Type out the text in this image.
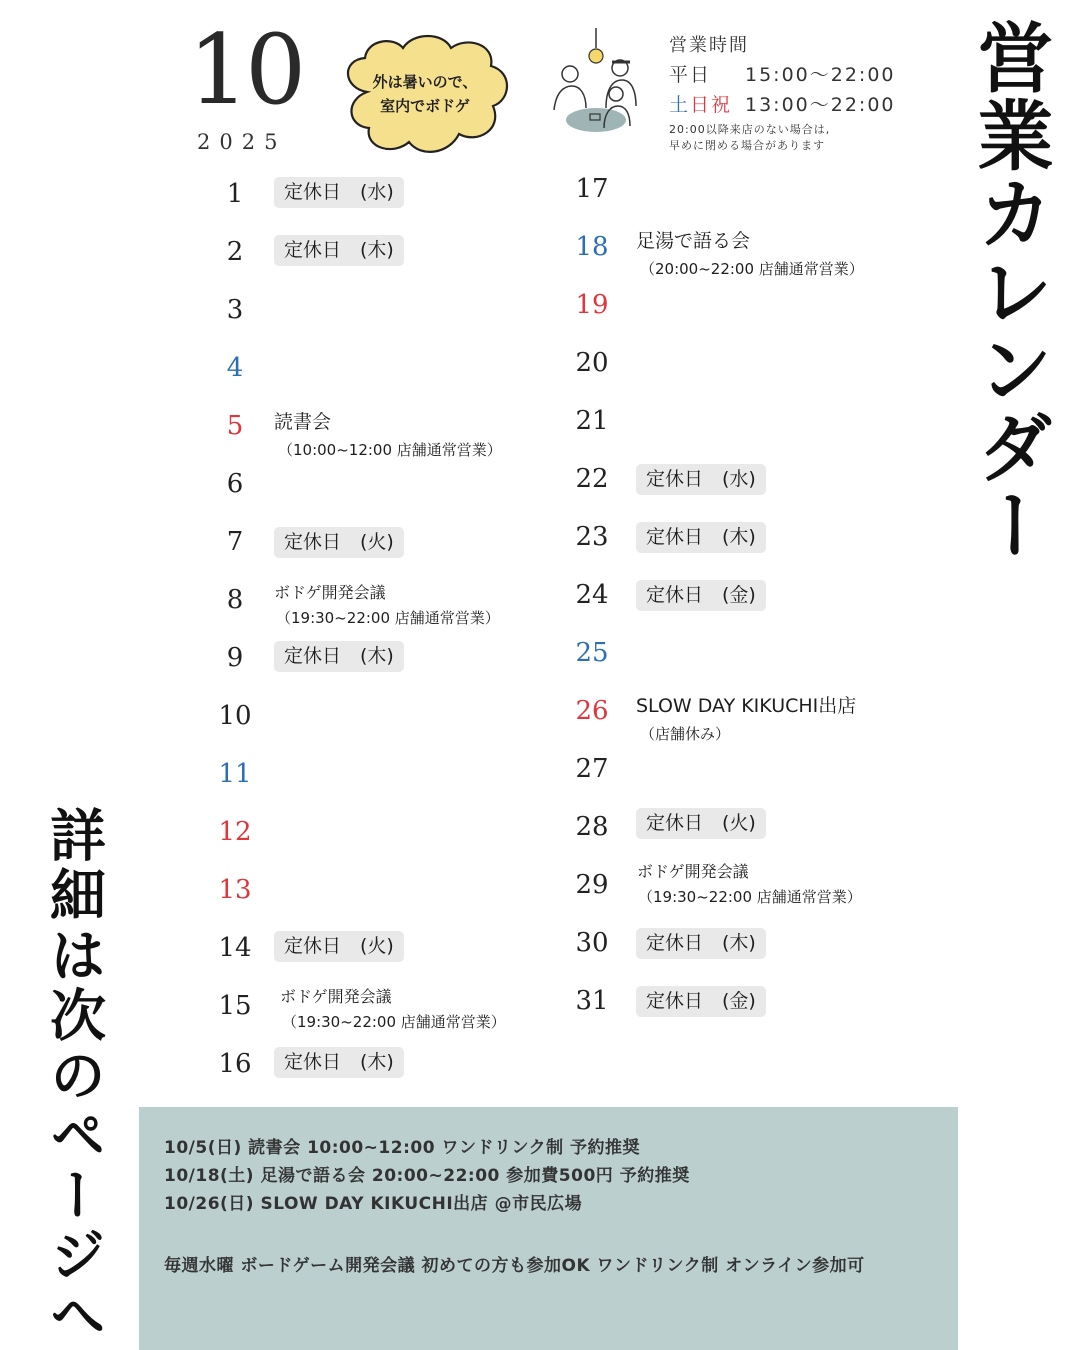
10
2025
外は暑いので、
室内でボドゲ
営業時間
平日 15:00〜22:00
土日祝 13:00〜22:00
20:00以降来店のない場合は,
早めに閉める場合があります	営業カレンダー
詳細は次のページへ
1	定休日　(水)
2	定休日　(木)
3
4
5	読書会
（10:00~12:00 店舗通常営業）
6
7	定休日　(火)
8	ボドゲ開発会議
（19:30~22:00 店舗通常営業）
9	定休日　(木)
10
11
12
13
14	定休日　(火)
15 ボドゲ開発会議
（19:30~22:00 店舗通常営業）
16	定休日　(木)
17
18 足湯で語る会
（20:00~22:00 店舗通常営業）
19
20
21
22	定休日　(水)
23	定休日　(木)
24	定休日　(金)
25
26 SLOW DAY KIKUCHI出店
（店舗休み）
27
28	定休日　(火)
29 ボドゲ開発会議
（19:30~22:00 店舗通常営業）
30	定休日　(木)
31	定休日　(金)
10/5(日) 読書会 10:00~12:00 ワンドリンク制 予約推奨
10/18(土) 足湯で語る会 20:00~22:00 参加費500円 予約推奨
10/26(日) SLOW DAY KIKUCHI出店 @市民広場
毎週水曜 ボードゲーム開発会議 初めての方も参加OK ワンドリンク制 オンライン参加可
